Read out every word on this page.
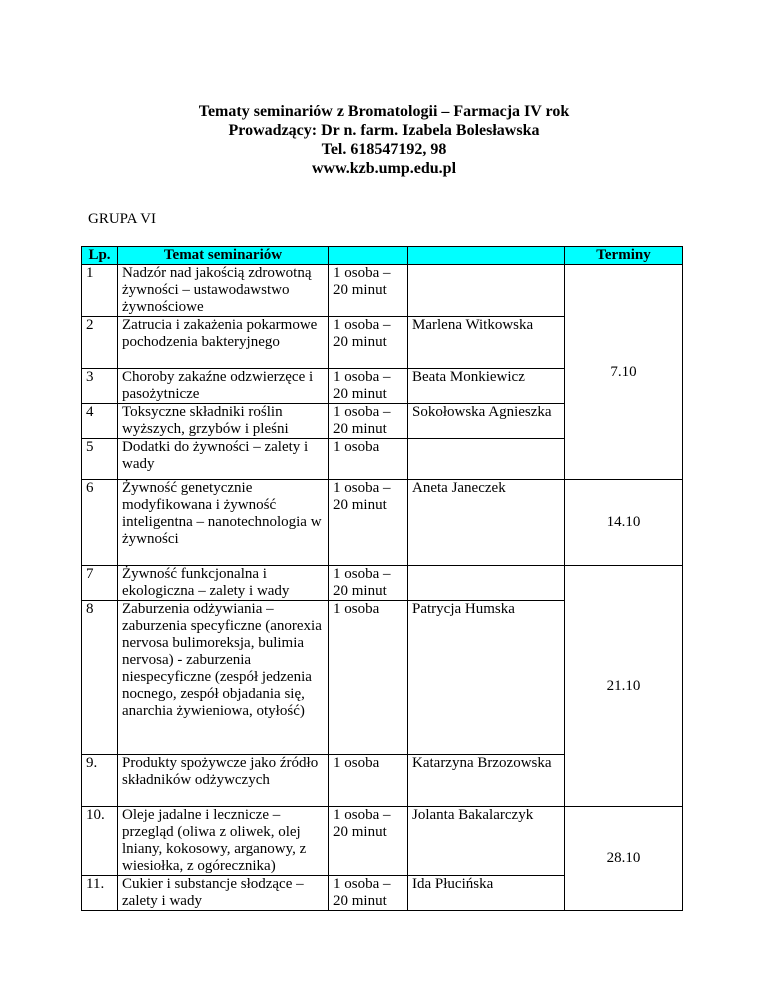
Tematy seminariów z Bromatologii – Farmacja IV rok
Prowadzący: Dr n. farm. Izabela Bolesławska
Tel. 618547192, 98
www.kzb.ump.edu.pl
GRUPA VI
Lp.	Temat seminariów			Terminy
1	Nadzór nad jakością zdrowotną żywności – ustawodawstwo żywnościowe	1 osoba – 20 minut		7.10
2	Zatrucia i zakażenia pokarmowe pochodzenia bakteryjnego	1 osoba – 20 minut	Marlena Witkowska	
3	Choroby zakaźne odzwierzęce i pasożytnicze	1 osoba – 20 minut	Beata Monkiewicz	
4	Toksyczne składniki roślin wyższych, grzybów i pleśni	1 osoba – 20 minut	Sokołowska Agnieszka	
5	Dodatki do żywności – zalety i wady	1 osoba		
6	Żywność genetycznie modyfikowana i żywność inteligentna – nanotechnologia w żywności	1 osoba – 20 minut	Aneta Janeczek	14.10
7	Żywność funkcjonalna i ekologiczna – zalety i wady	1 osoba – 20 minut		21.10
8	Zaburzenia odżywiania – zaburzenia specyficzne (anorexia nervosa bulimoreksja, bulimia nervosa) - zaburzenia niespecyficzne (zespół jedzenia nocnego, zespół objadania się, anarchia żywieniowa, otyłość)	1 osoba	Patrycja Humska	
9.	Produkty spożywcze jako źródło składników odżywczych	1 osoba	Katarzyna Brzozowska	
10.	Oleje jadalne i lecznicze – przegląd (oliwa z oliwek, olej lniany, kokosowy, arganowy, z wiesiołka, z ogórecznika)	1 osoba – 20 minut	Jolanta Bakalarczyk	28.10
11.	Cukier i substancje słodzące – zalety i wady	1 osoba – 20 minut	Ida Płucińska	
